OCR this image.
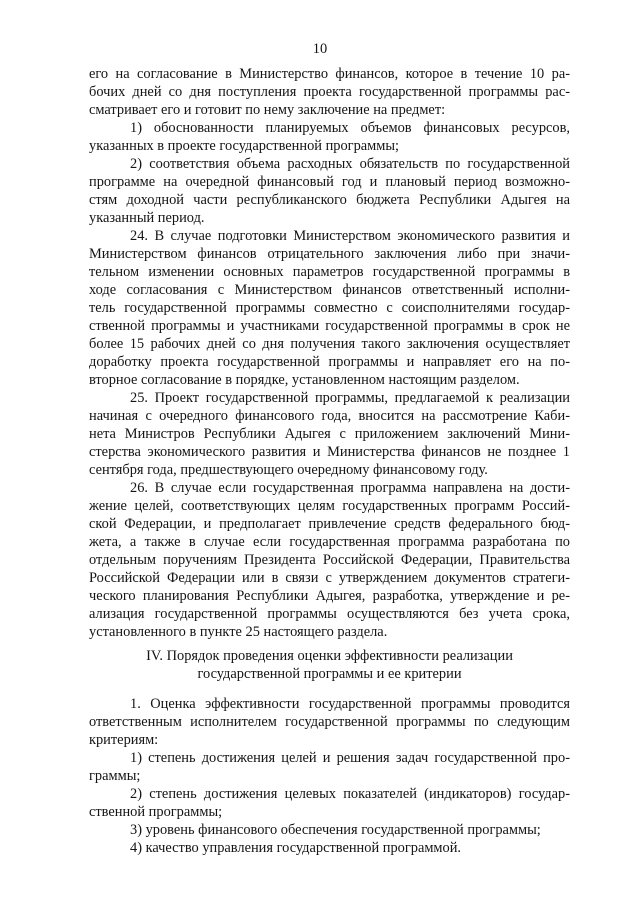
10
его на согласование в Министерство финансов, которое в течение 10 ра-
бочих дней со дня поступления проекта государственной программы рас-
сматривает его и готовит по нему заключение на предмет:
1) обоснованности планируемых объемов финансовых ресурсов,
указанных в проекте государственной программы;
2) соответствия объема расходных обязательств по государственной
программе на очередной финансовый год и плановый период возможно-
стям доходной части республиканского бюджета Республики Адыгея на
указанный период.
24. В случае подготовки Министерством экономического развития и
Министерством финансов отрицательного заключения либо при значи-
тельном изменении основных параметров государственной программы в
ходе согласования с Министерством финансов ответственный исполни-
тель государственной программы совместно с соисполнителями государ-
ственной программы и участниками государственной программы в срок не
более 15 рабочих дней со дня получения такого заключения осуществляет
доработку проекта государственной программы и направляет его на по-
вторное согласование в порядке, установленном настоящим разделом.
25. Проект государственной программы, предлагаемой к реализации
начиная с очередного финансового года, вносится на рассмотрение Каби-
нета Министров Республики Адыгея с приложением заключений Мини-
стерства экономического развития и Министерства финансов не позднее 1
сентября года, предшествующего очередному финансовому году.
26. В случае если государственная программа направлена на дости-
жение целей, соответствующих целям государственных программ Россий-
ской Федерации, и предполагает привлечение средств федерального бюд-
жета, а также в случае если государственная программа разработана по
отдельным поручениям Президента Российской Федерации, Правительства
Российской Федерации или в связи с утверждением документов стратеги-
ческого планирования Республики Адыгея, разработка, утверждение и ре-
ализация государственной программы осуществляются без учета срока,
установленного в пункте 25 настоящего раздела.
IV. Порядок проведения оценки эффективности реализации
государственной программы и ее критерии
1. Оценка эффективности государственной программы проводится
ответственным исполнителем государственной программы по следующим
критериям:
1) степень достижения целей и решения задач государственной про-
граммы;
2) степень достижения целевых показателей (индикаторов) государ-
ственной программы;
3) уровень финансового обеспечения государственной программы;
4) качество управления государственной программой.
